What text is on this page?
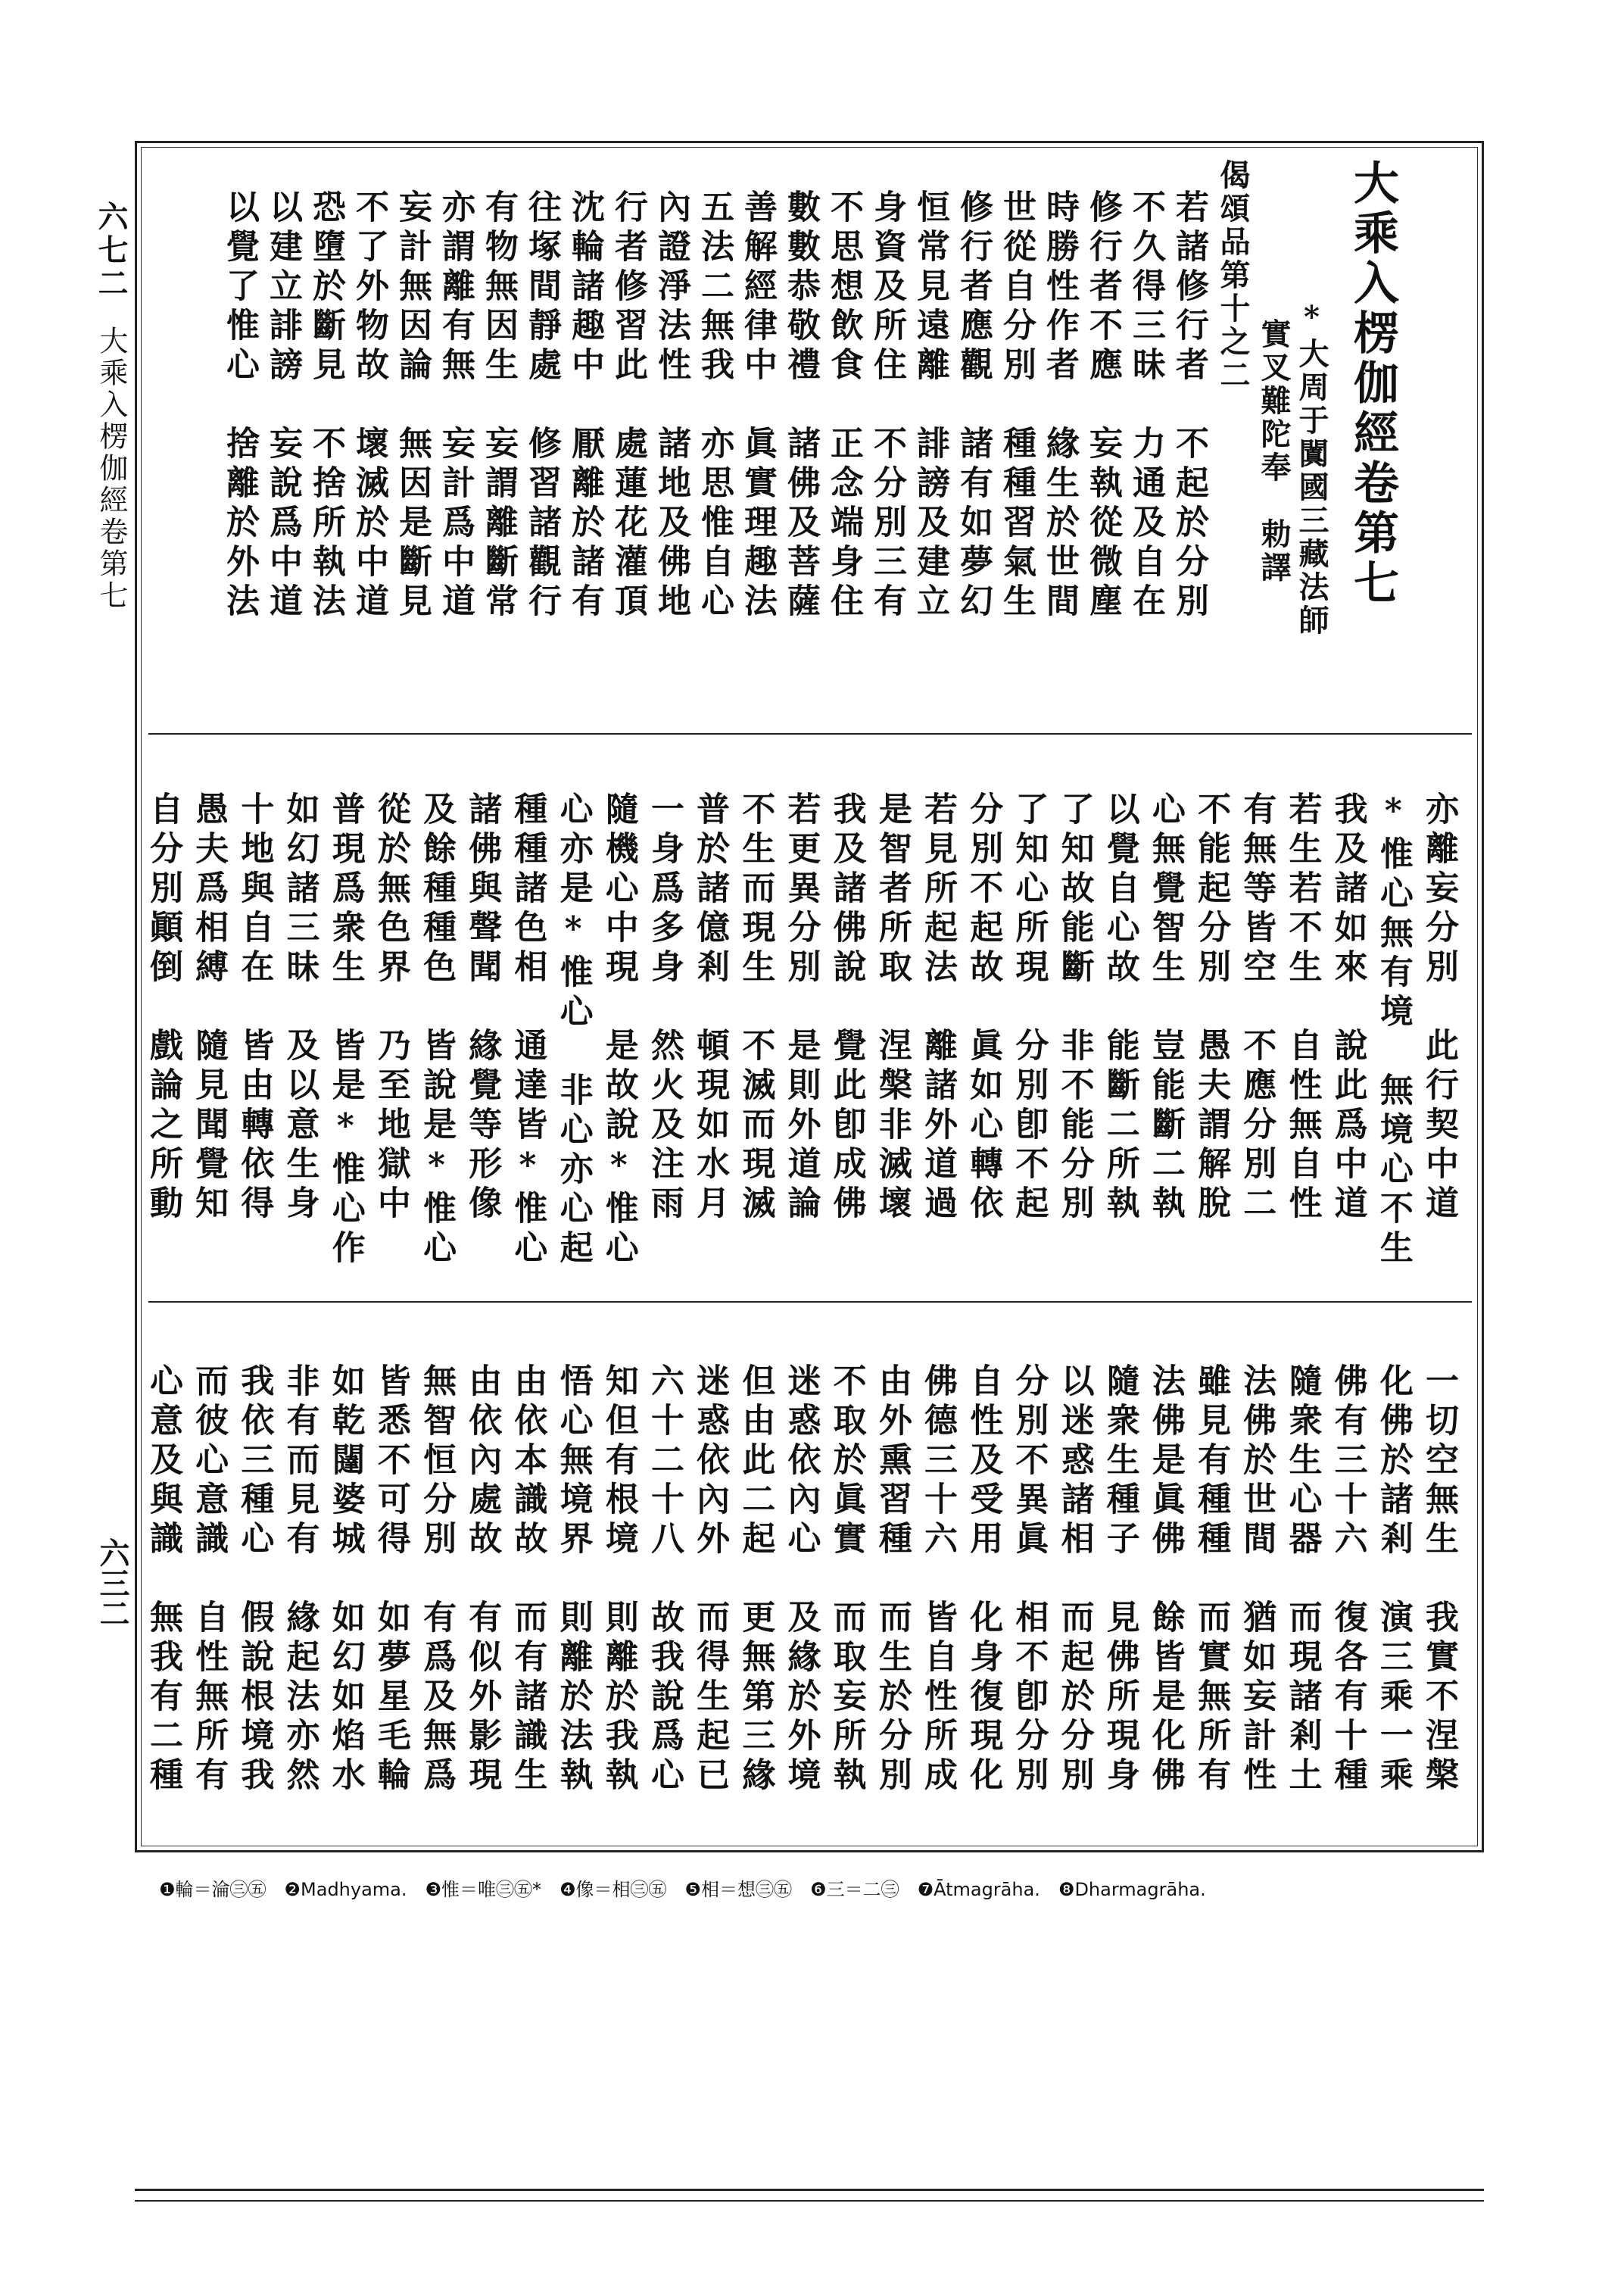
六七二
大乘入楞伽經卷第七
六三二
大乘入楞伽經卷第七
*大周于闐國三藏法師
實叉難陀奉　勅譯
偈頌品第十之二
若諸修行者　不起於分別
不久得三昧　力通及自在
修行者不應　妄執從微塵
時勝性作者　緣生於世間
世從自分別　種種習氣生
修行者應觀　諸有如夢幻
恒常見遠離　誹謗及建立
身資及所住　不分別三有
不思想飲食　正念端身住
數數恭敬禮　諸佛及菩薩
善解經律中　眞實理趣法
五法二無我　亦思惟自心
內證淨法性　諸地及佛地
行者修習此　處蓮花灌頂
沈輪諸趣中　厭離於諸有
往塚間靜處　修習諸觀行
有物無因生　妄謂離斷常
亦謂離有無　妄計爲中道
妄計無因論　無因是斷見
不了外物故　壞滅於中道
恐墮於斷見　不捨所執法
以建立誹謗　妄說爲中道
以覺了惟心　捨離於外法
亦離妄分別　此行契中道
*惟心無有境　無境心不生
我及諸如來　說此爲中道
若生若不生　自性無自性
有無等皆空　不應分別二
不能起分別　愚夫謂解脫
心無覺智生　豈能斷二執
以覺自心故　能斷二所執
了知故能斷　非不能分別
了知心所現　分別卽不起
分別不起故　眞如心轉依
若見所起法　離諸外道過
是智者所取　涅槃非滅壞
我及諸佛說　覺此卽成佛
若更異分別　是則外道論
不生而現生　不滅而現滅
普於諸億剎　頓現如水月
一身爲多身　然火及注雨
隨機心中現　是故說*惟心
心亦是*惟心　非心亦心起
種種諸色相　通達皆*惟心
諸佛與聲聞　緣覺等形像
及餘種種色　皆說是*惟心
從於無色界　乃至地獄中
普現爲衆生　皆是*惟心作
如幻諸三昧　及以意生身
十地與自在　皆由轉依得
愚夫爲相縛　隨見聞覺知
自分別顚倒　戲論之所動
一切空無生　我實不涅槃
化佛於諸剎　演三乘一乘
佛有三十六　復各有十種
隨衆生心器　而現諸剎土
法佛於世間　猶如妄計性
雖見有種種　而實無所有
法佛是眞佛　餘皆是化佛
隨衆生種子　見佛所現身
以迷惑諸相　而起於分別
分別不異眞　相不卽分別
自性及受用　化身復現化
佛德三十六　皆自性所成
由外熏習種　而生於分別
不取於眞實　而取妄所執
迷惑依內心　及緣於外境
但由此二起　更無第三緣
迷惑依內外　而得生起已
六十二十八　故我說爲心
知但有根境　則離於我執
悟心無境界　則離於法執
由依本識故　而有諸識生
由依內處故　有似外影現
無智恒分別　有爲及無爲
皆悉不可得　如夢星毛輪
如乾闥婆城　如幻如焰水
非有而見有　緣起法亦然
我依三種心　假說根境我
而彼心意識　自性無所有
心意及與識　無我有二種
❶輪＝淪㊂㊄　❷Madhyama.　❸惟＝唯㊂㊄*　❹像＝相㊂㊄　❺相＝想㊂㊄　❻三＝二㊂　❼Ātmagrāha.　❽Dharmagrāha.
